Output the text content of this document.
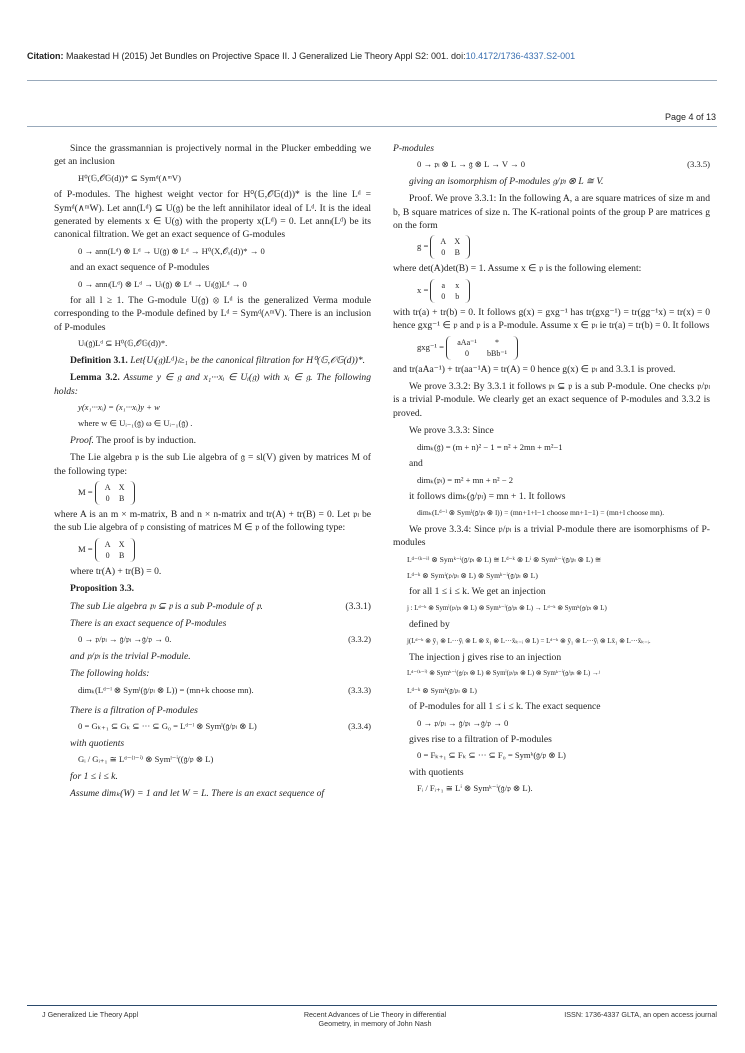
Citation: Maakestad H (2015) Jet Bundles on Projective Space II. J Generalized Lie Theory Appl S2: 001. doi:10.4172/1736-4337.S2-001
Page 4 of 13

Since the grassmannian is projectively normal in the Plucker embedding we get an inclusion

H⁰(𝔾,𝒪𝔾(d))* ⊆ Symᵈ(∧ᵐV)

of P-modules. The highest weight vector for H⁰(𝔾,𝒪𝔾(d))* is the line Lᵈ = Symᵈ(∧ᵐW). Let ann(Lᵈ) ⊆ U(𝔤) be the left annihilator ideal of Lᵈ. It is the ideal generated by elements x ∈ U(𝔤) with the property x(Lᵈ) = 0. Let annₗ(Lᵈ) be its canonical filtration. We get an exact sequence of G-modules

0 → ann(Lᵈ) ⊗ Lᵈ → U(𝔤) ⊗ Lᵈ → H⁰(X,𝒪ₓ(d))* → 0

and an exact sequence of P-modules

0 → annₗ(Lᵈ) ⊗ Lᵈ → Uₗ(𝔤) ⊗ Lᵈ → Uₗ(𝔤)Lᵈ → 0

for all l ≥ 1. The G-module U(𝔤) ⊗ Lᵈ is the generalized Verma module corresponding to the P-module defined by Lᵈ = Symᵈ(∧ᵐV). There is an inclusion of P-modules

Uₗ(𝔤)Lᵈ ⊆ H⁰(𝔾,𝒪𝔾(d))*.

Definition 3.1. Let{Uₗ(𝔤)Lᵈ}ₗ≥₁ be the canonical filtration for H⁰(𝔾,𝒪𝔾(d))*.

Lemma 3.2. Assume y ∈ 𝔤 and x₁···xᵢ ∈ Uᵢ(𝔤) with xᵢ ∈ 𝔤. The following holds:

y(x₁···xᵢ) = (x₁···xᵢ)y + w

where w ∈ Uᵢ₋₁(𝔤) ω ∈ Uᵢ₋₁(𝔤) .

Proof. The proof is by induction.

The Lie algebra 𝔭 is the sub Lie algebra of 𝔤 = sl(V) given by matrices M of the following type:

M = A X
0 B

where A is an m × m-matrix, B and n × n-matrix and tr(A) + tr(B) = 0. Let 𝔭ₗ be the sub Lie algebra of 𝔭 consisting of matrices M ∈ 𝔭 of the following type:

M = A X
0 B

where tr(A) + tr(B) = 0.

Proposition 3.3.

The sub Lie algebra 𝔭ₗ ⊆ 𝔭 is a sub P-module of 𝔭.	(3.3.1)

There is an exact sequence of P-modules

0 → 𝔭/𝔭ₗ → 𝔤/𝔭ₗ →𝔤/𝔭 → 0.	(3.3.2)

and 𝔭/𝔭ₗ is the trivial P-module.

The following holds:

dimₖ(Lᵈ⁻ˡ ⊗ Symˡ(𝔤/𝔭ₗ ⊗ L)) = (mn+k choose mn).	(3.3.3)

There is a filtration of P-modules

0 = Gₖ₊₁ ⊆ Gₖ ⊆ ··· ⊆ G₀ = Lᵈ⁻ˡ ⊗ Symˡ(𝔤/𝔭ₗ ⊗ L)	(3.3.4)

with quotients

Gᵢ / Gᵢ₊₁ ≅ Lᵈ⁻⁽ˡ⁻ⁱ⁾ ⊗ Symˡ⁻ⁱ((𝔤/𝔭 ⊗ L)

for 1 ≤ i ≤ k.

Assume dimₖ(W) = 1 and let W = L. There is an exact sequence of

P-modules

0 → 𝔭ₗ ⊗ L → 𝔤 ⊗ L → V → 0	(3.3.5)

giving an isomorphism of P-modules 𝔤/𝔭ₗ ⊗ L ≅ V.

Proof. We prove 3.3.1: In the following A, a are square matrices of size m and b, B square matrices of size n. The K-rational points of the group P are matrices g on the form

g = A X
0 B

where det(A)det(B) = 1. Assume x ∈ 𝔭 is the following element:

x = a x
0 b

with tr(a) + tr(b) = 0. It follows g(x) = gxg⁻¹ has tr(gxg⁻¹) = tr(gg⁻¹x) = tr(x) = 0 hence gxg⁻¹ ∈ 𝔭 and 𝔭 is a P-module. Assume x ∈ 𝔭ₗ ie tr(a) = tr(b) = 0. It follows

gxg⁻¹ = aAa⁻¹ *
0 bBb⁻¹

and tr(aAa⁻¹) + tr(aa⁻¹A) = tr(A) = 0 hence g(x) ∈ 𝔭ₗ and 3.3.1 is proved.

We prove 3.3.2: By 3.3.1 it follows 𝔭ₗ ⊆ 𝔭 is a sub P-module. One checks 𝔭/𝔭ₗ is a trivial P-module. We clearly get an exact sequence of P-modules and 3.3.2 is proved.

We prove 3.3.3: Since

dimₖ(𝔤) = (m + n)² − 1 = n² + 2mn + m²−1

and

dimₖ(𝔭ₗ) = m² + mn + n² − 2

it follows dimₖ(𝔤/𝔭ₗ) = mn + 1. It follows

dimₖ(Lᵈ⁻ˡ ⊗ Symˡ(𝔤/𝔭ₗ ⊗ l)) = (mn+1+l−1 choose mn+1−1) = (mn+l choose mn).

We prove 3.3.4: Since 𝔭/𝔭ₗ is a trivial P-module there are isomorphisms of P-modules

Lᵈ⁻⁽ᵏ⁻ⁱ⁾ ⊗ Symᵏ⁻ⁱ(𝔤/𝔭ₗ ⊗ L) ≅ Lᵈ⁻ᵏ ⊗ Lⁱ ⊗ Symᵏ⁻ⁱ(𝔤/𝔭ₗ ⊗ L) ≅

Lᵈ⁻ᵏ ⊗ Symⁱ(𝔭/𝔭ₗ ⊗ L) ⊗ Symᵏ⁻ⁱ(𝔤/𝔭ₗ ⊗ L)

for all 1 ≤ i ≤ k. We get an injection

j : Lᵈ⁻ᵏ ⊗ Symⁱ(𝔭/𝔭ₗ ⊗ L) ⊗ Symᵏ⁻ⁱ(𝔤/𝔭ₗ ⊗ L) → Lᵈ⁻ᵏ ⊗ Symᵏ(𝔤/𝔭ₗ ⊗ L)

defined by

j(Lᵈ⁻ᵏ ⊗ ȳ₁ ⊗ L···ȳᵢ ⊗ L ⊗ x̄₁ ⊗ L···x̄ₖ₋ᵢ ⊗ L) = Lᵈ⁻ᵏ ⊗ ȳ₁ ⊗ L···ȳᵢ ⊗ Lx̄₁ ⊗ L···x̄ₖ₋ᵢ.

The injection j gives rise to an injection

Lᵈ⁻⁽ᵏ⁻ⁱ⁾ ⊗ Symᵏ⁻ⁱ(𝔤/𝔭ₗ ⊗ L) ⊗ Symⁱ(𝔭/𝔭ₗ ⊗ L) ⊗ Symᵏ⁻ⁱ(𝔤/𝔭ₗ ⊗ L) →ʲ

Lᵈ⁻ᵏ ⊗ Symᵏ(𝔤/𝔭ₗ ⊗ L)

of P-modules for all 1 ≤ i ≤ k. The exact sequence

0 → 𝔭/𝔭ₗ → 𝔤/𝔭ₗ →𝔤/𝔭 → 0

gives rise to a filtration of P-modules

0 = Fₖ₊₁ ⊆ Fₖ ⊆ ··· ⊆ F₀ = Symᵏ(𝔤/𝔭 ⊗ L)

with quotients

Fᵢ / Fᵢ₊₁ ≅ Lⁱ ⊗ Symᵏ⁻ⁱ(𝔤/𝔭 ⊗ L).

J Generalized Lie Theory Appl	Recent Advances of Lie Theory in differential Geometry, in memory of John Nash
ISSN: 1736-4337 GLTA, an open access journal
